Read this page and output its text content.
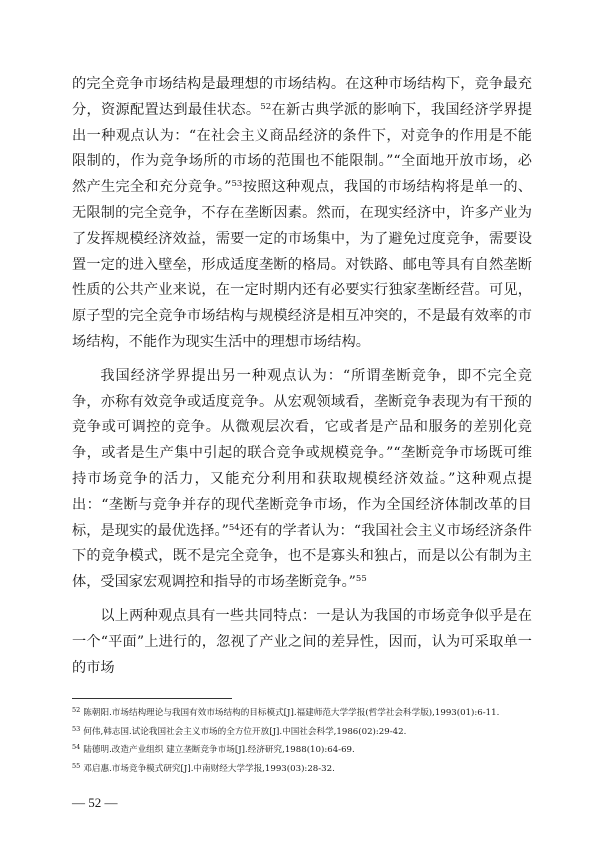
的完全竞争市场结构是最理想的市场结构。在这种市场结构下，竞争最充分，资源配置达到最佳状态。$^{52}$在新古典学派的影响下，我国经济学界提出一种观点认为：“在社会主义商品经济的条件下，对竞争的作用是不能限制的，作为竞争场所的市场的范围也不能限制。”“全面地开放市场，必然产生完全和充分竞争。”$^{53}$按照这种观点，我国的市场结构将是单一的、无限制的完全竞争，不存在垄断因素。然而，在现实经济中，许多产业为了发挥规模经济效益，需要一定的市场集中，为了避免过度竞争，需要设置一定的进入壁垒，形成适度垄断的格局。对铁路、邮电等具有自然垄断性质的公共产业来说，在一定时期内还有必要实行独家垄断经营。可见，原子型的完全竞争市场结构与规模经济是相互冲突的，不是最有效率的市场结构，不能作为现实生活中的理想市场结构。

我国经济学界提出另一种观点认为：“所谓垄断竞争，即不完全竞争，亦称有效竞争或适度竞争。从宏观领域看，垄断竞争表现为有干预的竞争或可调控的竞争。从微观层次看，它或者是产品和服务的差别化竞争，或者是生产集中引起的联合竞争或规模竞争。”“垄断竞争市场既可维持市场竞争的活力，又能充分利用和获取规模经济效益。”这种观点提出：“垄断与竞争并存的现代垄断竞争市场，作为全国经济体制改革的目标，是现实的最优选择。”$^{54}$还有的学者认为：“我国社会主义市场经济条件下的竞争模式，既不是完全竞争，也不是寡头和独占，而是以公有制为主体，受国家宏观调控和指导的市场垄断竞争。”$^{55}$

以上两种观点具有一些共同特点：一是认为我国的市场竞争似乎是在一个“平面”上进行的，忽视了产业之间的差异性，因而，认为可采取单一的市场

$^{52}$ 陈朝阳.市场结构理论与我国有效市场结构的目标模式[J].福建师范大学学报(哲学社会科学版),1993(01):6-11.

$^{53}$ 何伟,韩志国.试论我国社会主义市场的全方位开放[J].中国社会科学,1986(02):29-42.

$^{54}$ 陆德明.改造产业组织 建立垄断竞争市场[J].经济研究,1988(10):64-69.

$^{55}$ 邓启惠.市场竞争模式研究[J].中南财经大学学报,1993(03):28-32.

— 52 —
